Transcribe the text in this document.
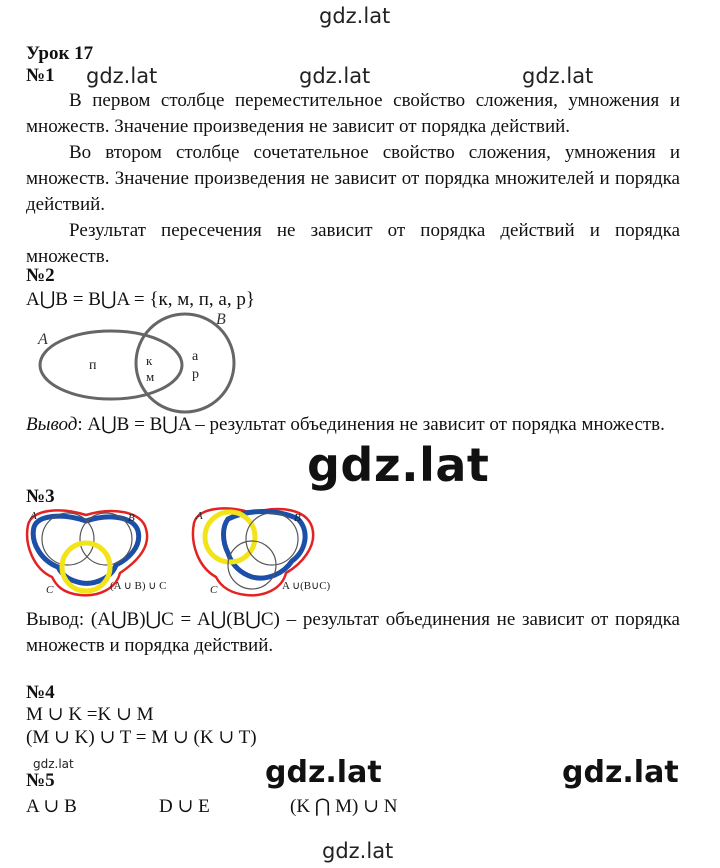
gdz.lat
gdz.lat	gdz.lat	gdz.lat
gdz.lat
gdz.lat	gdz.lat	gdz.lat
gdz.lat
Урок 17
№1
В первом столбце переместительное свойство сложения, умножения и множеств. Значение произведения не зависит от порядка действий.
Во втором столбце сочетательное свойство сложения, умножения и множеств. Значение произведения не зависит от порядка множителей и порядка действий.
Результат пересечения не зависит от порядка действий и порядка множеств.
№2
A⋃B = B⋃A = {к, м, п, а, р}
A
B
п	к
м
а
р
Вывод: A⋃B = B⋃A – результат объединения не зависит от порядка множеств.
№3
A	B
C	(A ∪ B) ∪ C
A	B
C	A ∪(B∪C)
Вывод: (A⋃B)⋃C = A⋃(B⋃C) – результат объединения не зависит от порядка множеств и порядка действий.
№4
M ∪ K =K ∪ M
(M ∪ K) ∪ T = M ∪ (K ∪ T)
№5
A ∪ B	D ∪ E	(K ⋂ M) ∪ N
